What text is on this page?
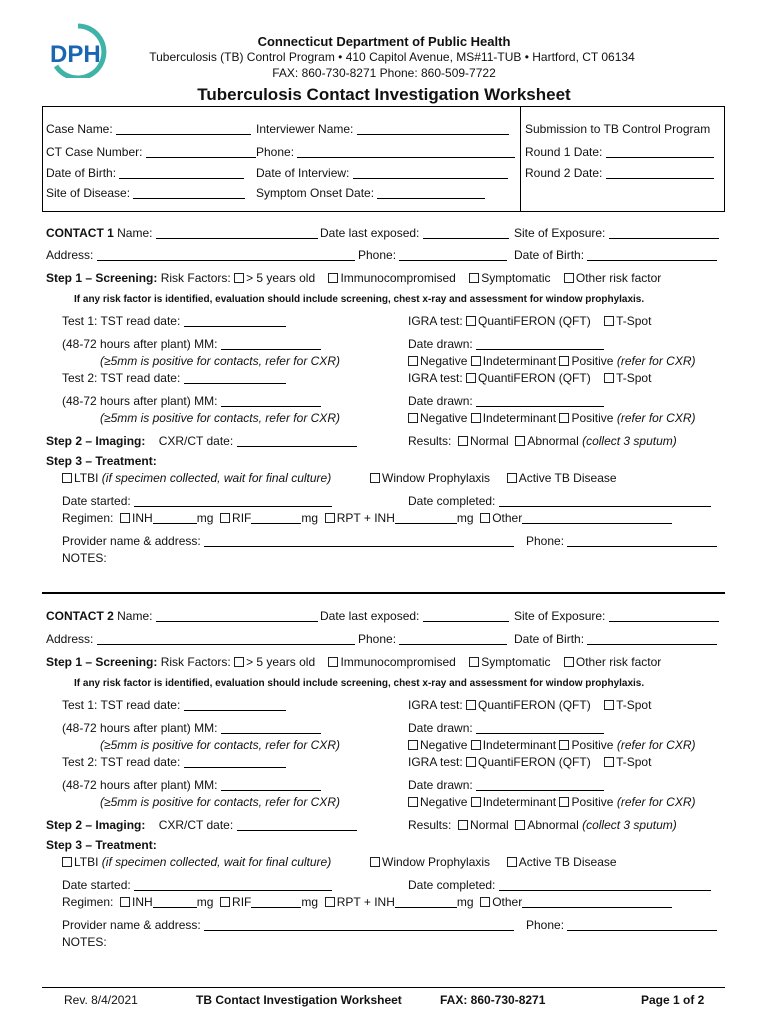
DPH	Connecticut Department of Public Health
Tuberculosis (TB) Control Program • 410 Capitol Avenue, MS#11-TUB • Hartford, CT 06134
FAX: 860-730-8271 Phone: 860-509-7722
Tuberculosis Contact Investigation Worksheet
Case Name:	Interviewer Name:	Submission to TB Control Program
CT Case Number:	Phone:	Round 1 Date:
Date of Birth:	Date of Interview:	Round 2 Date:
Site of Disease:	Symptom Onset Date:
CONTACT 1 Name:	Date last exposed:	Site of Exposure:
Address:	Phone:	Date of Birth:
Step 1 – Screening: Risk Factors: > 5 years old Immunocompromised Symptomatic Other risk factor
If any risk factor is identified, evaluation should include screening, chest x-ray and assessment for window prophylaxis.
Test 1: TST read date:	IGRA test: QuantiFERON (QFT) T-Spot
(48-72 hours after plant) MM:	Date drawn:
(≥5mm is positive for contacts, refer for CXR)	Negative Indeterminant Positive (refer for CXR)
Test 2: TST read date:	IGRA test: QuantiFERON (QFT) T-Spot
(48-72 hours after plant) MM:	Date drawn:
(≥5mm is positive for contacts, refer for CXR)	Negative Indeterminant Positive (refer for CXR)
Step 2 – Imaging: CXR/CT date:	Results: Normal Abnormal (collect 3 sputum)
Step 3 – Treatment:
LTBI (if specimen collected, wait for final culture)	Window Prophylaxis Active TB Disease
Date started:	Date completed:
Regimen: INH	mg RIF	mg RPT + INH	mg Other
Provider name & address:	Phone:
NOTES:
CONTACT 2 Name:	Date last exposed:	Site of Exposure:
Address:	Phone:	Date of Birth:
Step 1 – Screening: Risk Factors: > 5 years old Immunocompromised Symptomatic Other risk factor
If any risk factor is identified, evaluation should include screening, chest x-ray and assessment for window prophylaxis.
Test 1: TST read date:	IGRA test: QuantiFERON (QFT) T-Spot
(48-72 hours after plant) MM:	Date drawn:
(≥5mm is positive for contacts, refer for CXR)	Negative Indeterminant Positive (refer for CXR)
Test 2: TST read date:	IGRA test: QuantiFERON (QFT) T-Spot
(48-72 hours after plant) MM:	Date drawn:
(≥5mm is positive for contacts, refer for CXR)	Negative Indeterminant Positive (refer for CXR)
Step 2 – Imaging: CXR/CT date:	Results: Normal Abnormal (collect 3 sputum)
Step 3 – Treatment:
LTBI (if specimen collected, wait for final culture)	Window Prophylaxis Active TB Disease
Date started:	Date completed:
Regimen: INH	mg RIF	mg RPT + INH	mg Other
Provider name & address:	Phone:
NOTES:
Rev. 8/4/2021	TB Contact Investigation Worksheet	FAX: 860-730-8271	Page 1 of 2
